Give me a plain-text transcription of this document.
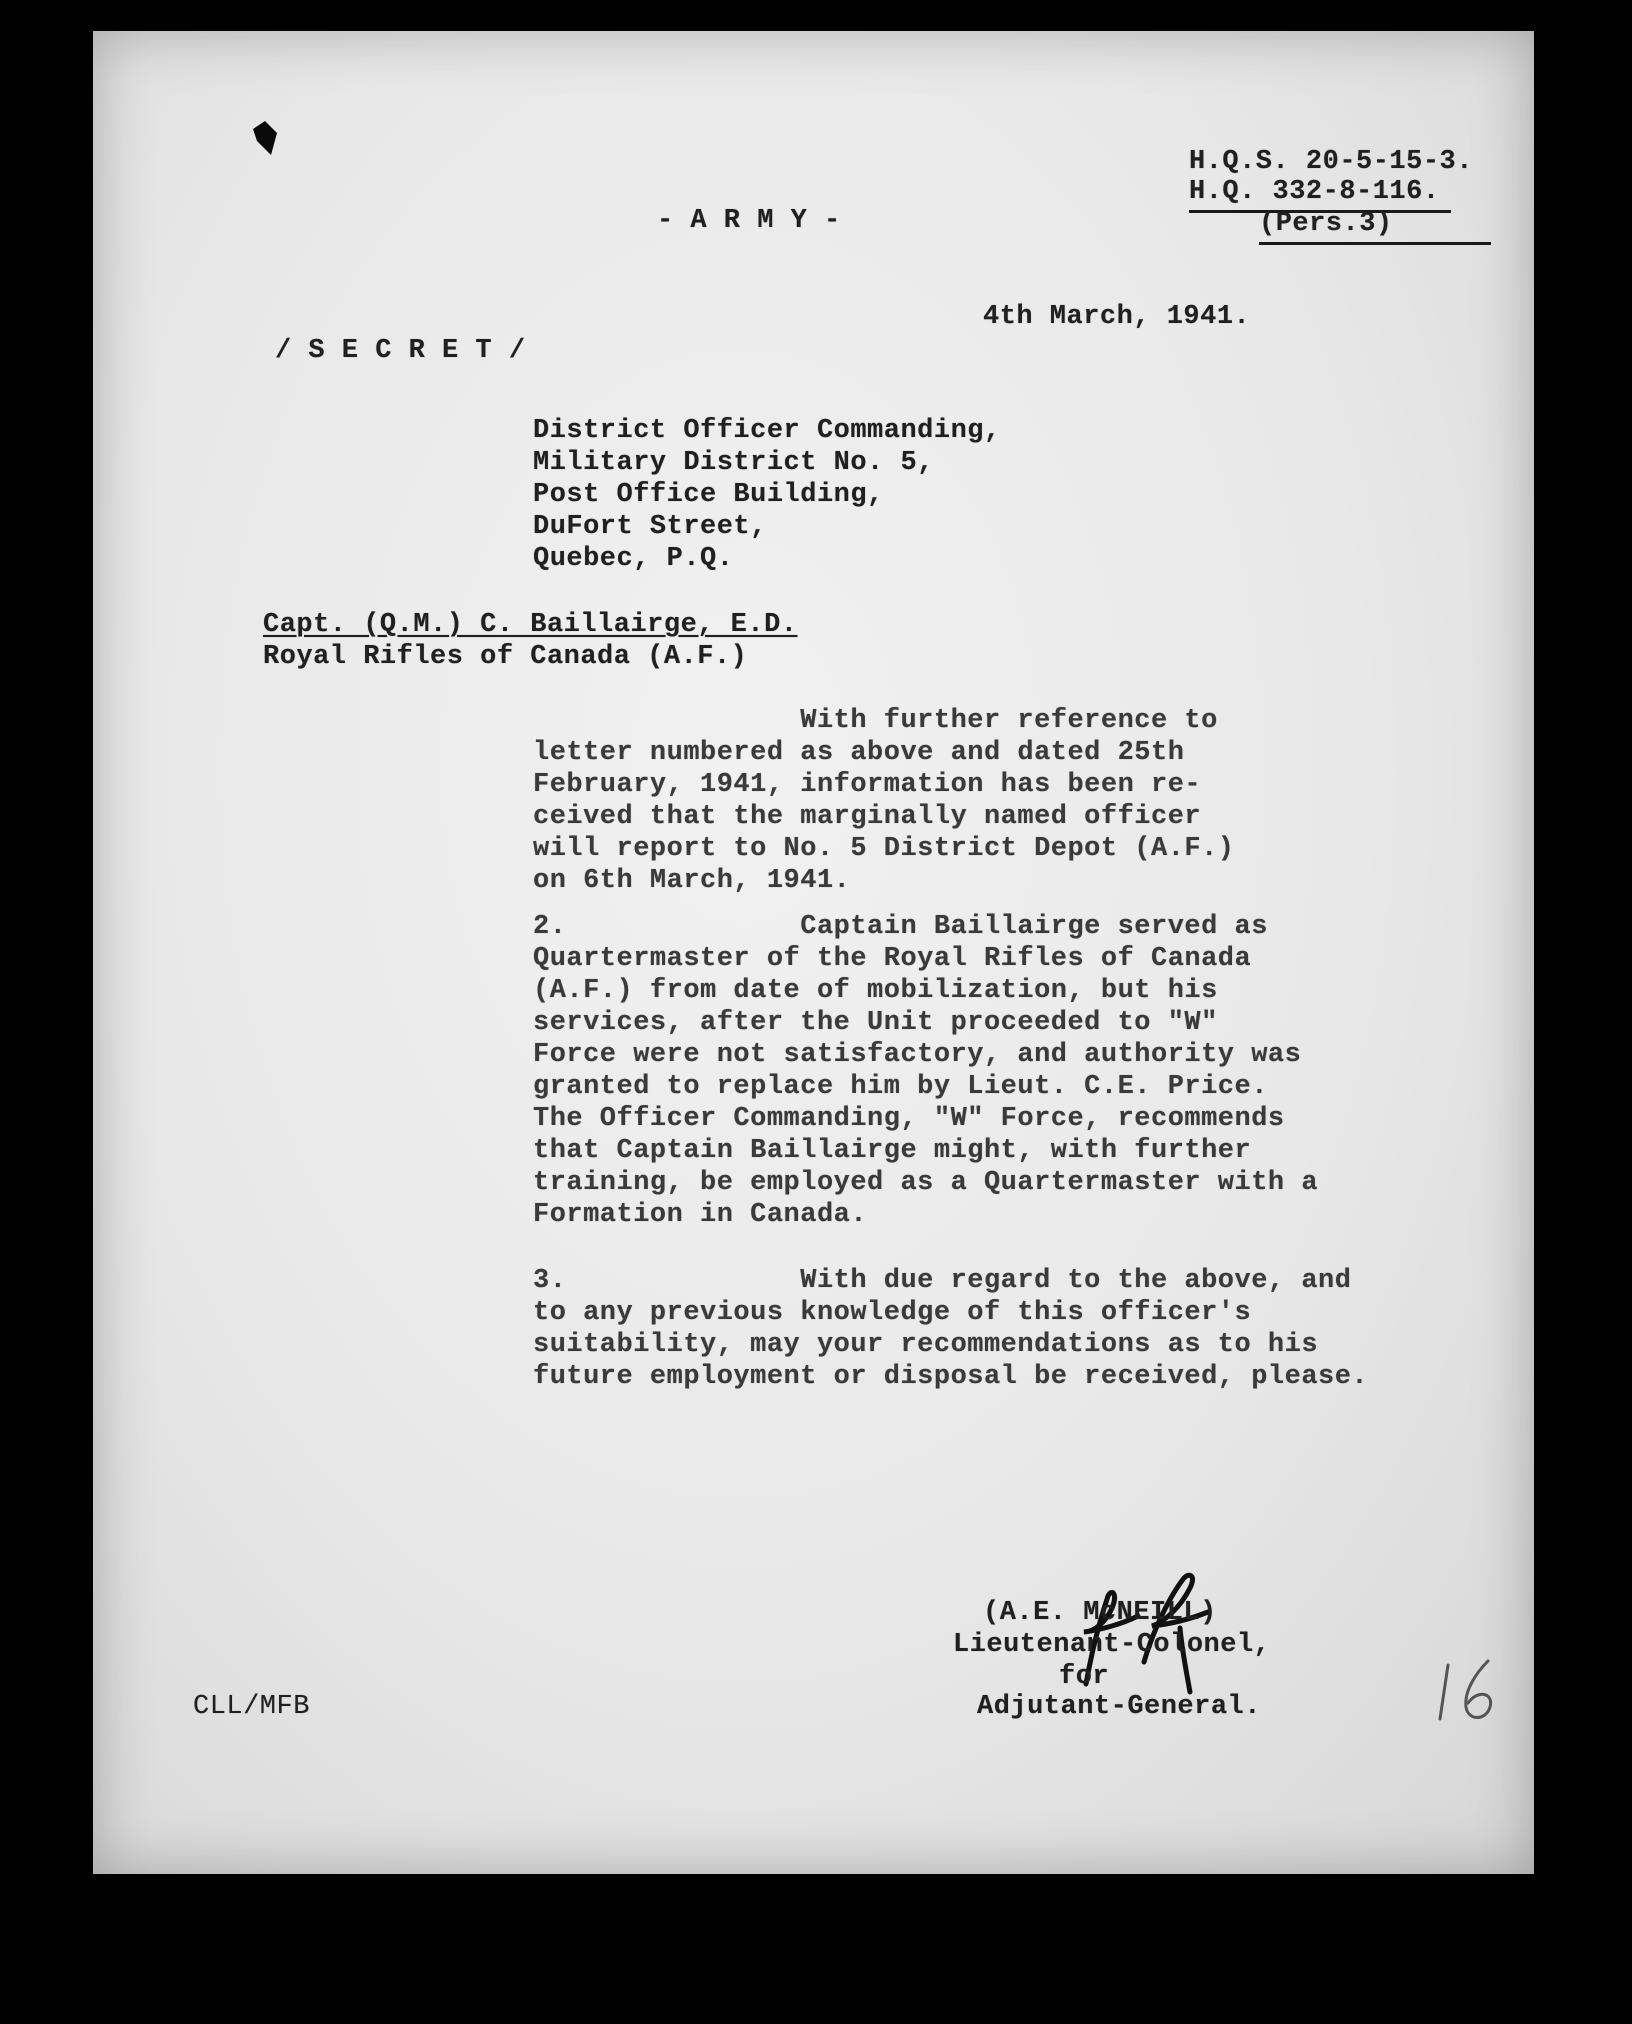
H.Q.S. 20-5-15-3.
H.Q. 332-8-116.
(Pers.3)
- A R M Y -
4th March, 1941.
/ S E C R E T /
District Officer Commanding,
Military District No. 5,
Post Office Building,
DuFort Street,
Quebec, P.Q.
Capt. (Q.M.) C. Baillairge, E.D.
Royal Rifles of Canada (A.F.)
With further reference to
letter numbered as above and dated 25th
February, 1941, information has been re-
ceived that the marginally named officer
will report to No. 5 District Depot (A.F.)
on 6th March, 1941.
2.              Captain Baillairge served as
Quartermaster of the Royal Rifles of Canada
(A.F.) from date of mobilization, but his
services, after the Unit proceeded to "W"
Force were not satisfactory, and authority was
granted to replace him by Lieut. C.E. Price.
The Officer Commanding, "W" Force, recommends
that Captain Baillairge might, with further
training, be employed as a Quartermaster with a
Formation in Canada.
3.              With due regard to the above, and
to any previous knowledge of this officer's
suitability, may your recommendations as to his
future employment or disposal be received, please.
(A.E. McNEILL)
Lieutenant-Colonel,
for
Adjutant-General.
CLL/MFB
